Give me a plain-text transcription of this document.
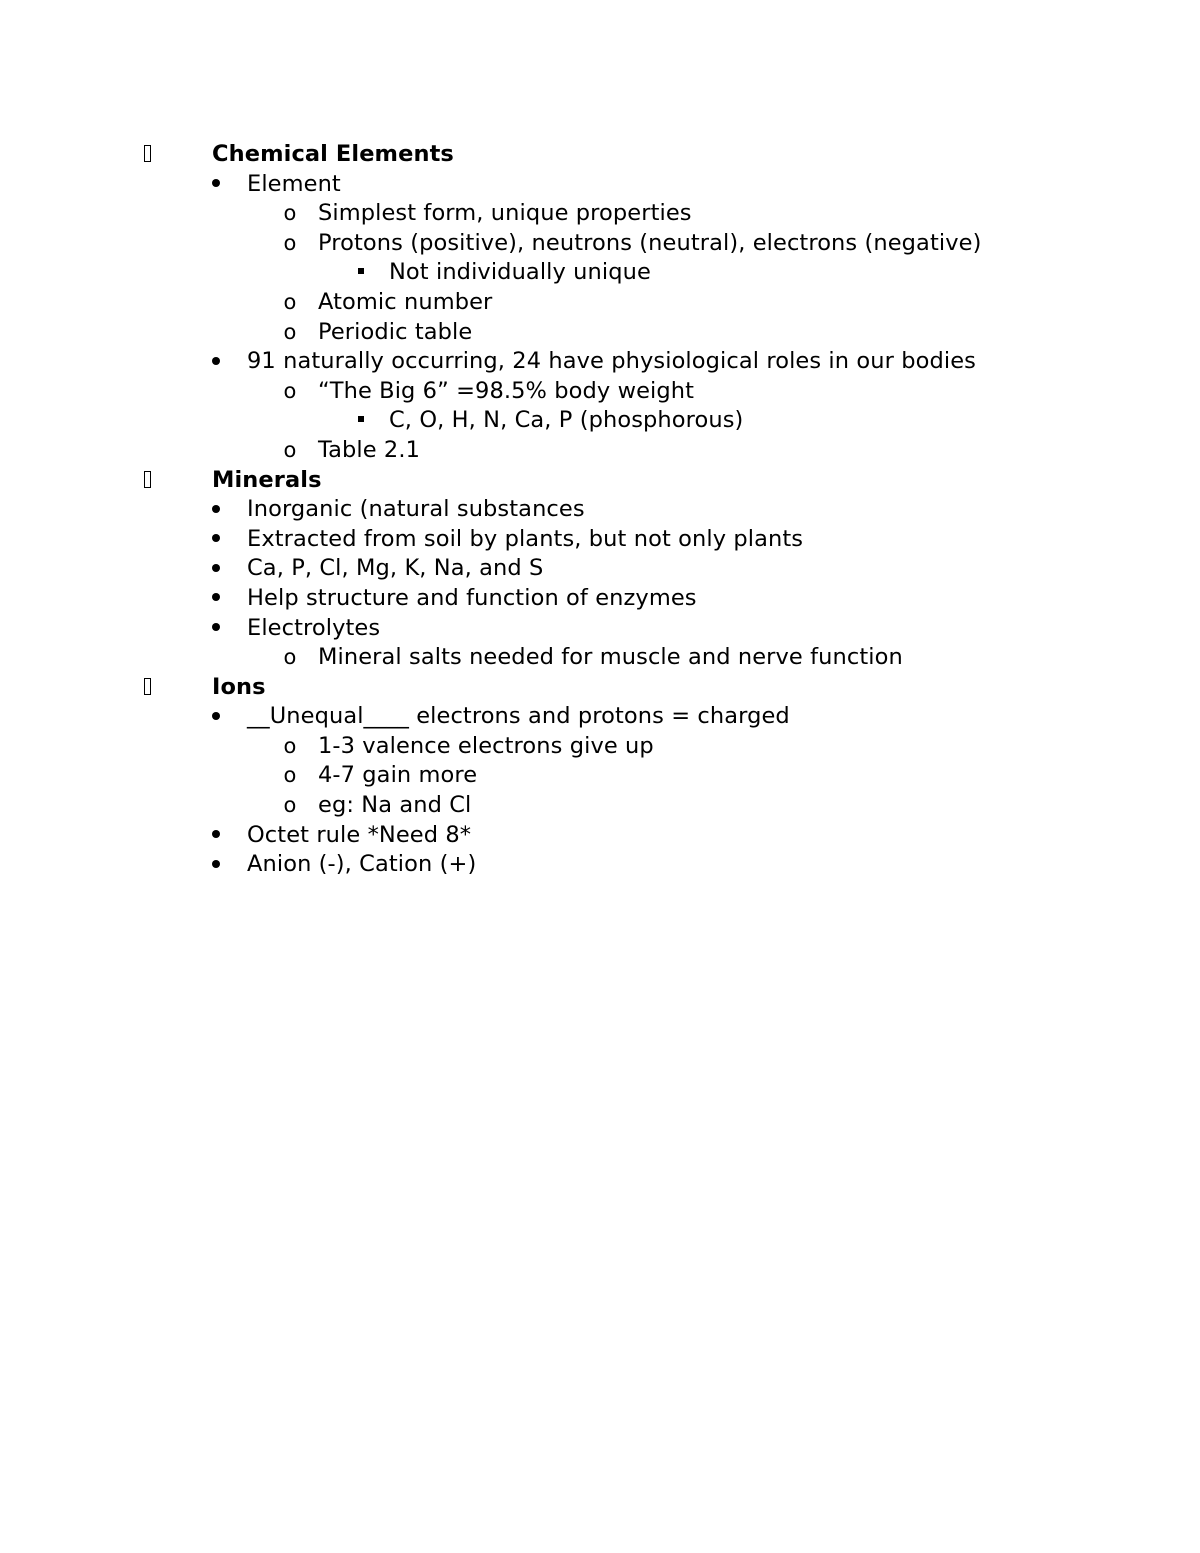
Chemical Elements
Element
o Simplest form, unique properties
o Protons (positive), neutrons (neutral), electrons (negative)
Not individually unique
o Atomic number
o Periodic table
91 naturally occurring, 24 have physiological roles in our bodies
o “The Big 6” =98.5% body weight
C, O, H, N, Ca, P (phosphorous)
o Table 2.1
Minerals
Inorganic (natural substances
Extracted from soil by plants, but not only plants
Ca, P, Cl, Mg, K, Na, and S
Help structure and function of enzymes
Electrolytes
o Mineral salts needed for muscle and nerve function
Ions
__Unequal____ electrons and protons = charged
o 1-3 valence electrons give up
o 4-7 gain more
o eg: Na and Cl
Octet rule *Need 8*
Anion (-), Cation (+)
